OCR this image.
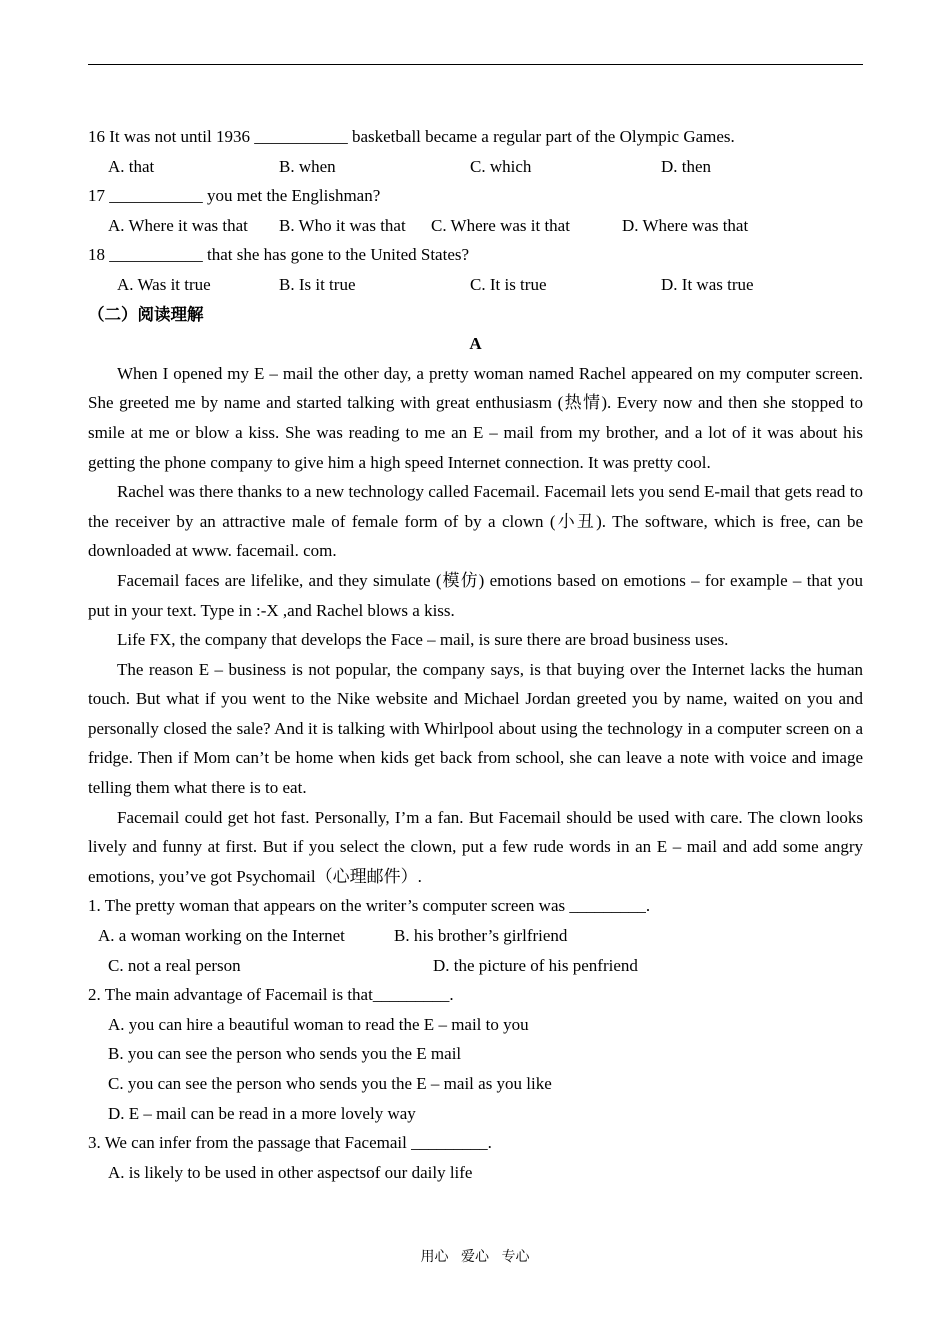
16 It was not until 1936 ___________ basketball became a regular part of the Olympic Games.
A. that	B. when	C. which	D. then
17 ___________ you met the Englishman?
A. Where it was that B. Who it was that C. Where was it that	D. Where was that
18 ___________ that she has gone to the United States?
A. Was it true	B. Is it true	C. It is true	D. It was true
（二）阅读理解
A
When I opened my E – mail the other day, a pretty woman named Rachel appeared on my computer screen. She greeted me by name and started talking with great enthusiasm (热情). Every now and then she stopped to smile at me or blow a kiss. She was reading to me an E – mail from my brother, and a lot of it was about his getting the phone company to give him a high speed Internet connection. It was pretty cool.
Rachel was there thanks to a new technology called Facemail. Facemail lets you send E-mail that gets read to the receiver by an attractive male of female form of by a clown (小丑). The software, which is free, can be downloaded at www. facemail. com.
Facemail faces are lifelike, and they simulate (模仿) emotions based on emotions – for example – that you put in your text. Type in :-X ,and Rachel blows a kiss.
Life FX, the company that develops the Face – mail, is sure there are broad business uses.
The reason E – business is not popular, the company says, is that buying over the Internet lacks the human touch. But what if you went to the Nike website and Michael Jordan greeted you by name, waited on you and personally closed the sale? And it is talking with Whirlpool about using the technology in a computer screen on a fridge. Then if Mom can’t be home when kids get back from school, she can leave a note with voice and image telling them what there is to eat.
Facemail could get hot fast. Personally, I’m a fan. But Facemail should be used with care. The clown looks lively and funny at first. But if you select the clown, put a few rude words in an E – mail and add some angry emotions, you’ve got Psychomail（心理邮件）.
1. The pretty woman that appears on the writer’s computer screen was _________.
A. a woman working on the Internet	B. his brother’s girlfriend
C. not a real person	D. the picture of his penfriend
2. The main advantage of Facemail is that_________.
A. you can hire a beautiful woman to read the E – mail to you
B. you can see the person who sends you the E mail
C. you can see the person who sends you the E – mail as you like
D. E – mail can be read in a more lovely way
3. We can infer from the passage that Facemail _________.
A. is likely to be used in other aspectsof our daily life
用心 爱心 专心
